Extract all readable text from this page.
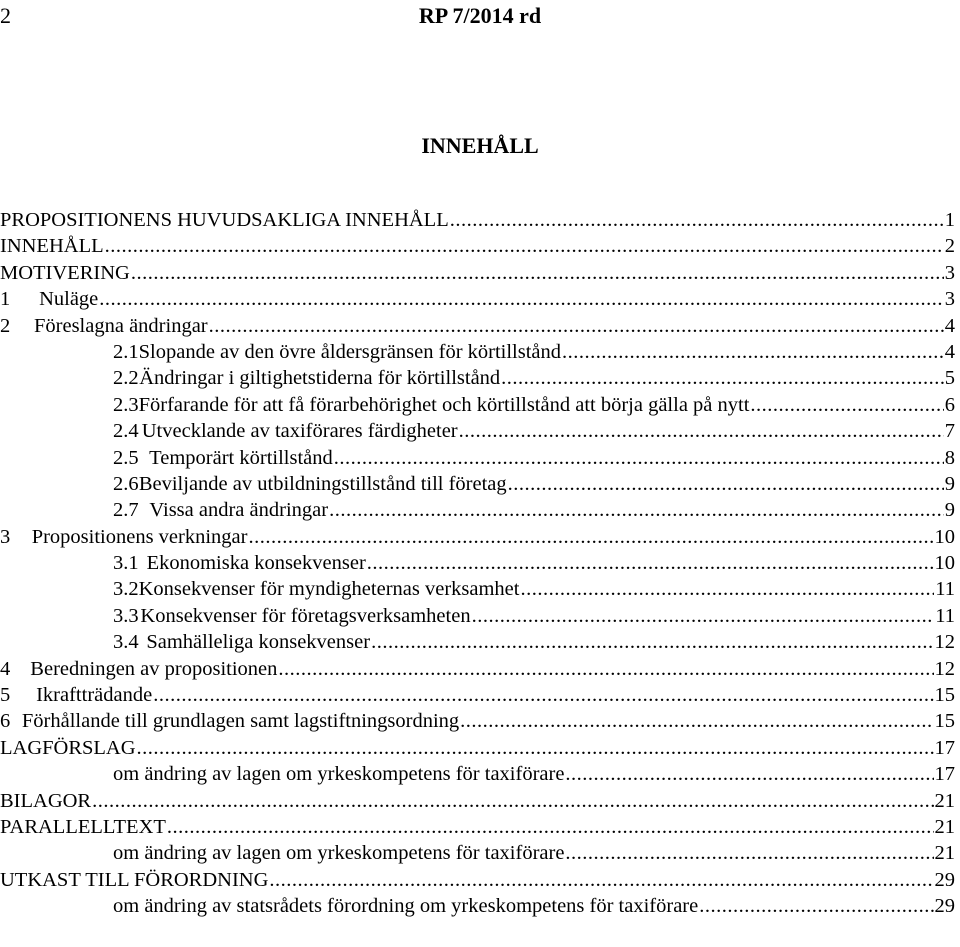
2	RP 7/2014 rd
INNEHÅLL
PROPOSITIONENS HUVUDSAKLIGA INNEHÅLL .....	1
INNEHÅLL .....	2
MOTIVERING .....	3
1	Nuläge .....	3
2	Föreslagna ändringar .....	4
2.1 Slopande av den övre åldersgränsen för körtillstånd .....	4
2.2 Ändringar i giltighetstiderna för körtillstånd .....	5
2.3 Förfarande för att få förarbehörighet och körtillstånd att börja gälla på nytt .....	6
2.4 Utvecklande av taxiförares färdigheter .....	7
2.5 Temporärt körtillstånd .....	8
2.6 Beviljande av utbildningstillstånd till företag .....	9
2.7 Vissa andra ändringar .....	9
3	Propositionens verkningar .....	10
3.1 Ekonomiska konsekvenser .....	10
3.2 Konsekvenser för myndigheternas verksamhet .....	11
3.3 Konsekvenser för företagsverksamheten .....	11
3.4 Samhälleliga konsekvenser .....	12
4 Beredningen av propositionen .....	12
5	Ikraftträdande .....	15
6 Förhållande till grundlagen samt lagstiftningsordning .....	15
LAGFÖRSLAG .....	17
om ändring av lagen om yrkeskompetens för taxiförare .....	17
BILAGOR .....	21
PARALLELLTEXT .....	21
om ändring av lagen om yrkeskompetens för taxiförare .....	21
UTKAST TILL FÖRORDNING .....	29
om ändring av statsrådets förordning om yrkeskompetens för taxiförare .....	29
